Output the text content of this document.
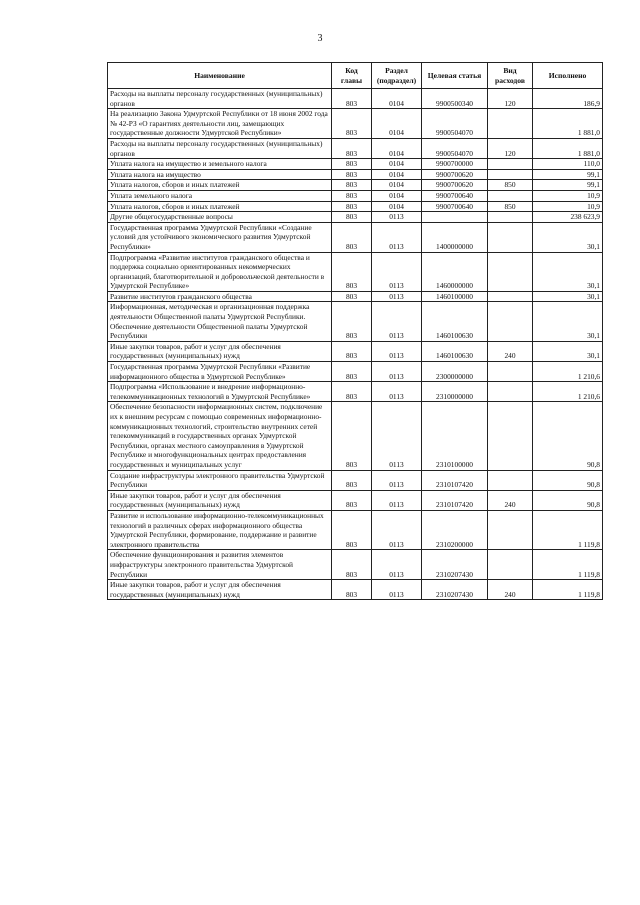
3
Наименование	Код главы	Раздел (подраздел)	Целевая статья	Вид расходов	Исполнено
Расходы на выплаты персоналу государственных (муниципальных) органов	803	0104	9900500340	120	186,9
На реализацию Закона Удмуртской Республики от 18 июня 2002 года № 42-РЗ «О гарантиях деятельности лиц, замещающих государственные должности Удмуртской Республики»	803	0104	9900504070		1 881,0
Расходы на выплаты персоналу государственных (муниципальных) органов	803	0104	9900504070	120	1 881,0
Уплата налога на имущество и земельного налога	803	0104	9900700000		110,0
Уплата налога на имущество	803	0104	9900700620		99,1
Уплата налогов, сборов и иных платежей	803	0104	9900700620	850	99,1
Уплата земельного налога	803	0104	9900700640		10,9
Уплата налогов, сборов и иных платежей	803	0104	9900700640	850	10,9
Другие общегосударственные вопросы	803	0113			238 623,9
Государственная программа Удмуртской Республики «Создание условий для устойчивого экономического развития Удмуртской Республики»	803	0113	1400000000		30,1
Подпрограмма «Развитие институтов гражданского общества и поддержка социально ориентированных некоммерческих организаций, благотворительной и добровольческой деятельности в Удмуртской Республике»	803	0113	1460000000		30,1
Развитие институтов гражданского общества	803	0113	1460100000		30,1
Информационная, методическая и организационная поддержка деятельности Общественной палаты Удмуртской Республики. Обеспечение деятельности Общественной палаты Удмуртской Республики	803	0113	1460100630		30,1
Иные закупки товаров, работ и услуг для обеспечения государственных (муниципальных) нужд	803	0113	1460100630	240	30,1
Государственная программа Удмуртской Республики «Развитие информационного общества в Удмуртской Республике»	803	0113	2300000000		1 210,6
Подпрограмма «Использование и внедрение информационно-телекоммуникационных технологий в Удмуртской Республике»	803	0113	2310000000		1 210,6
Обеспечение безопасности информационных систем, подключение их к внешним ресурсам с помощью современных информационно-коммуникационных технологий, строительство внутренних сетей телекоммуникаций в государственных органах Удмуртской Республики, органах местного самоуправления в Удмуртской Республике и многофункциональных центрах предоставления государственных и муниципальных услуг	803	0113	2310100000		90,8
Создание инфраструктуры электронного правительства Удмуртской Республики	803	0113	2310107420		90,8
Иные закупки товаров, работ и услуг для обеспечения государственных (муниципальных) нужд	803	0113	2310107420	240	90,8
Развитие и использование информационно-телекоммуникационных технологий в различных сферах информационного общества Удмуртской Республики, формирование, поддержание и развитие электронного правительства	803	0113	2310200000		1 119,8
Обеспечение функционирования и развития элементов инфраструктуры электронного правительства Удмуртской Республики	803	0113	2310207430		1 119,8
Иные закупки товаров, работ и услуг для обеспечения государственных (муниципальных) нужд	803	0113	2310207430	240	1 119,8
